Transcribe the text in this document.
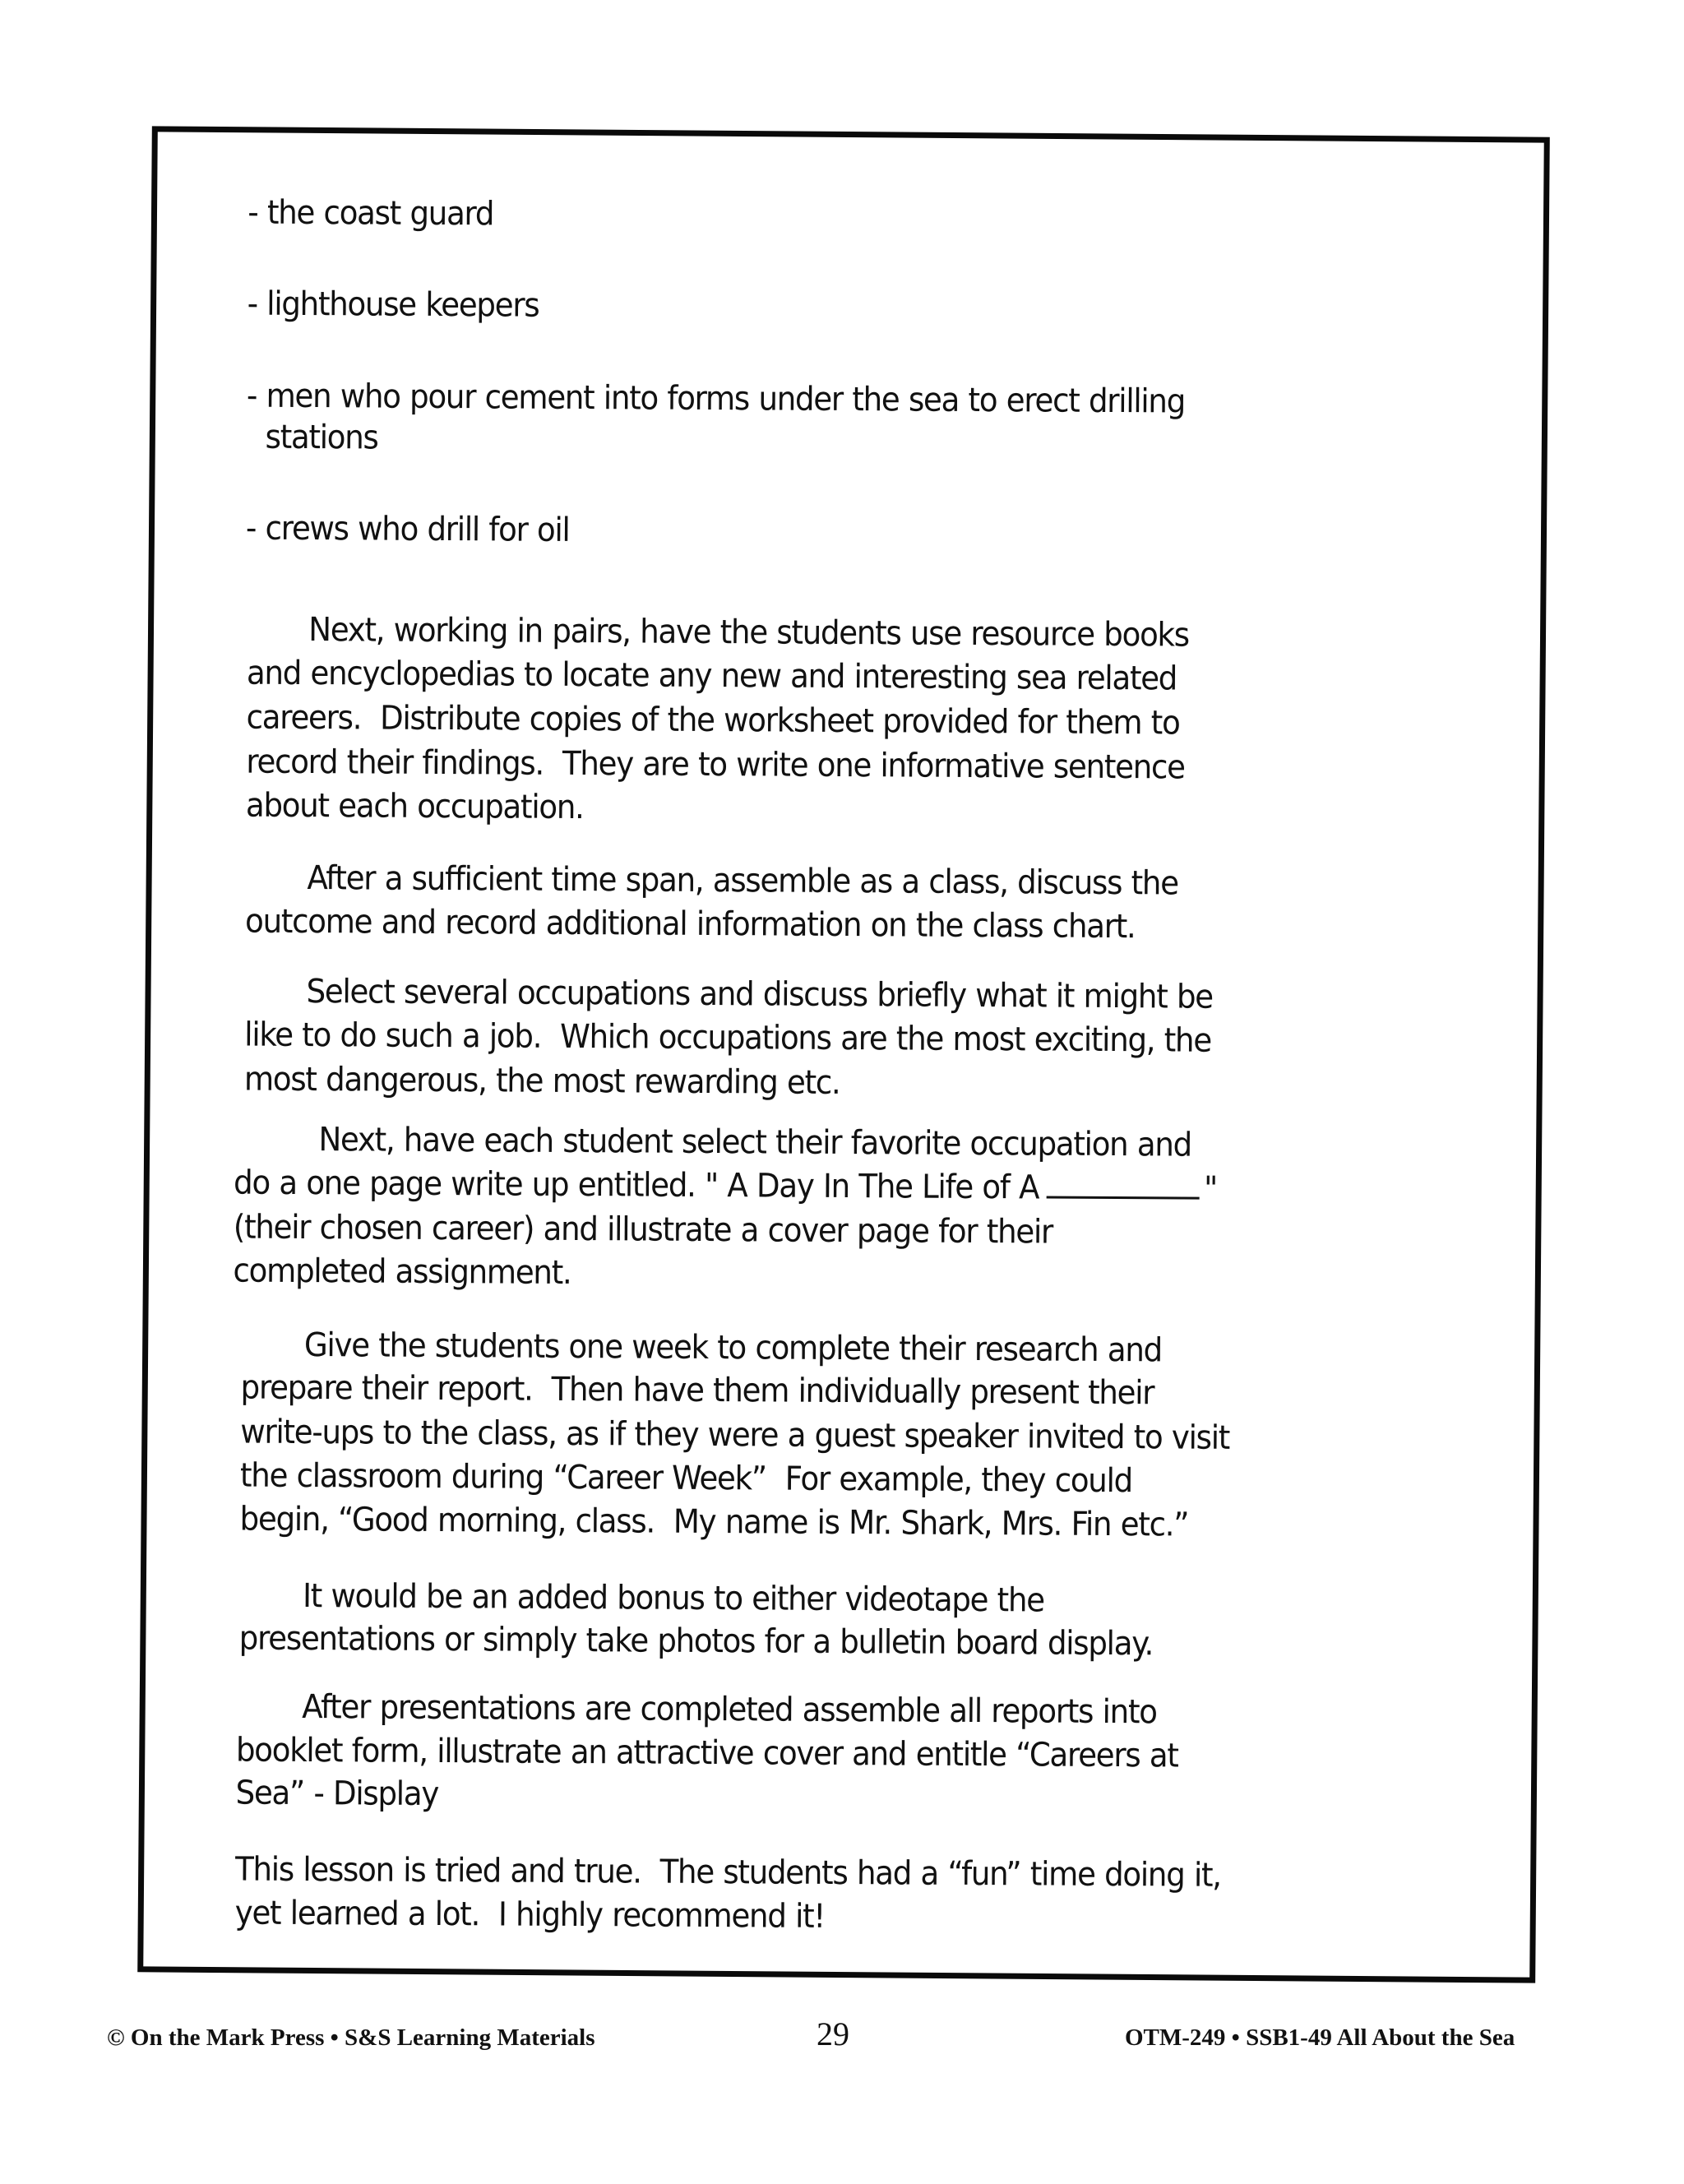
- the coast guard
- lighthouse keepers
- men who pour cement into forms under the sea to erect drilling
stations
- crews who drill for oil
Next, working in pairs, have the students use resource books
and encyclopedias to locate any new and interesting sea related
careers.  Distribute copies of the worksheet provided for them to
record their findings.  They are to write one informative sentence
about each occupation.
After a sufficient time span, assemble as a class, discuss the
outcome and record additional information on the class chart.
Select several occupations and discuss briefly what it might be
like to do such a job.  Which occupations are the most exciting, the
most dangerous, the most rewarding etc.
Next, have each student select their favorite occupation and
do a one page write up entitled. " A Day In The Life of A	"
(their chosen career) and illustrate a cover page for their
completed assignment.
Give the students one week to complete their research and
prepare their report.  Then have them individually present their
write-ups to the class, as if they were a guest speaker invited to visit
the classroom during “Career Week”  For example, they could
begin, “Good morning, class.  My name is Mr. Shark, Mrs. Fin etc.”
It would be an added bonus to either videotape the
presentations or simply take photos for a bulletin board display.
After presentations are completed assemble all reports into
booklet form, illustrate an attractive cover and entitle “Careers at
Sea” - Display
This lesson is tried and true.  The students had a “fun” time doing it,
yet learned a lot.  I highly recommend it!
© On the Mark Press • S&S Learning Materials	29	OTM-249 • SSB1-49 All About the Sea
